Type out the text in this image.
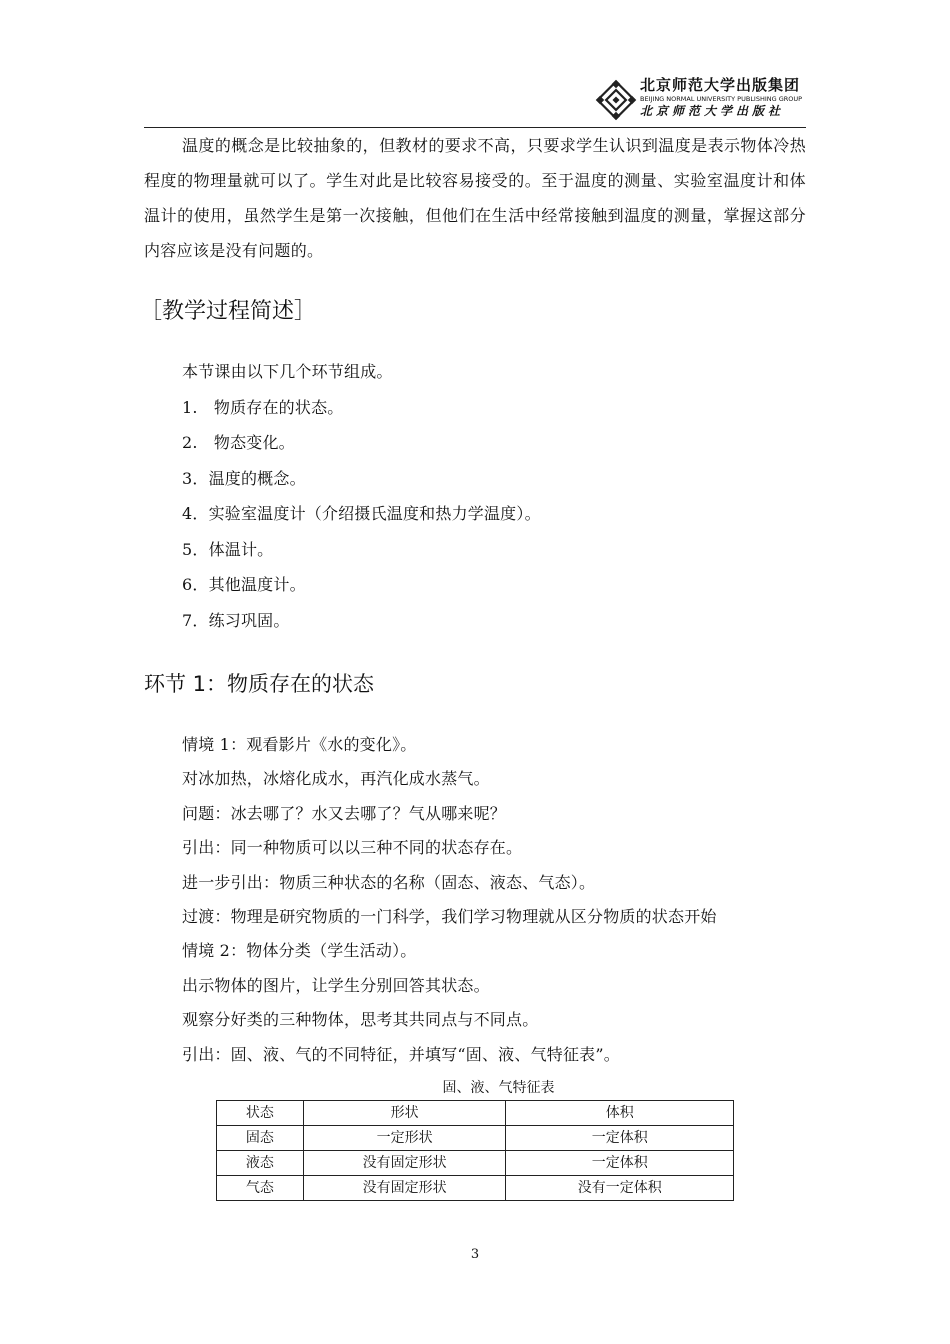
北京师范大学出版集团
BEIJING NORMAL UNIVERSITY PUBLISHING GROUP
北京师范大学出版社

温度的概念是比较抽象的，但教材的要求不高，只要求学生认识到温度是表示物体冷热程度的物理量就可以了。学生对此是比较容易接受的。至于温度的测量、实验室温度计和体温计的使用，虽然学生是第一次接触，但他们在生活中经常接触到温度的测量，掌握这部分内容应该是没有问题的。

［教学过程简述］
本节课由以下几个环节组成。
1.　物质存在的状态。
2.　物态变化。
3．温度的概念。
4．实验室温度计（介绍摄氏温度和热力学温度）。
5．体温计。
6．其他温度计。
7．练习巩固。
环节 1：物质存在的状态
情境 1：观看影片《水的变化》。
对冰加热，冰熔化成水，再汽化成水蒸气。
问题：冰去哪了？水又去哪了？气从哪来呢？
引出：同一种物质可以以三种不同的状态存在。
进一步引出：物质三种状态的名称（固态、液态、气态）。
过渡：物理是研究物质的一门科学，我们学习物理就从区分物质的状态开始
情境 2：物体分类（学生活动）。
出示物体的图片，让学生分别回答其状态。
观察分好类的三种物体，思考其共同点与不同点。
引出：固、液、气的不同特征，并填写“固、液、气特征表”。
固、液、气特征表
状态	形状	体积
固态	一定形状	一定体积
液态	没有固定形状	一定体积
气态	没有固定形状	没有一定体积
3
